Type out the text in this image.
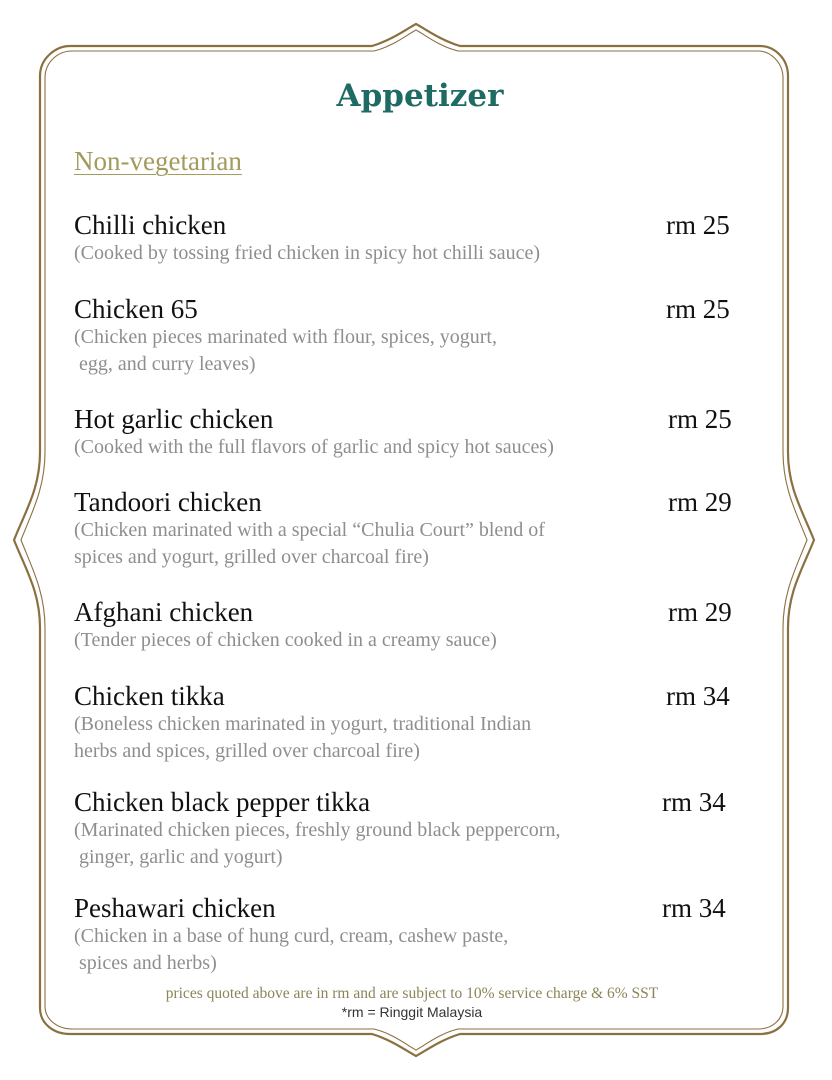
Appetizer
Non-vegetarian
Chilli chicken	rm 25
(Cooked by tossing fried chicken in spicy hot chilli sauce)
Chicken 65	rm 25
(Chicken pieces marinated with flour, spices, yogurt,
egg, and curry leaves)
Hot garlic chicken	rm 25
(Cooked with the full flavors of garlic and spicy hot sauces)
Tandoori chicken	rm 29
(Chicken marinated with a special “Chulia Court” blend of
spices and yogurt, grilled over charcoal fire)
Afghani chicken	rm 29
(Tender pieces of chicken cooked in a creamy sauce)
Chicken tikka	rm 34
(Boneless chicken marinated in yogurt, traditional Indian
herbs and spices, grilled over charcoal fire)
Chicken black pepper tikka	rm 34
(Marinated chicken pieces, freshly ground black peppercorn,
ginger, garlic and yogurt)
Peshawari chicken	rm 34
(Chicken in a base of hung curd, cream, cashew paste,
spices and herbs)
prices quoted above are in rm and are subject to 10% service charge & 6% SST
*rm = Ringgit Malaysia
